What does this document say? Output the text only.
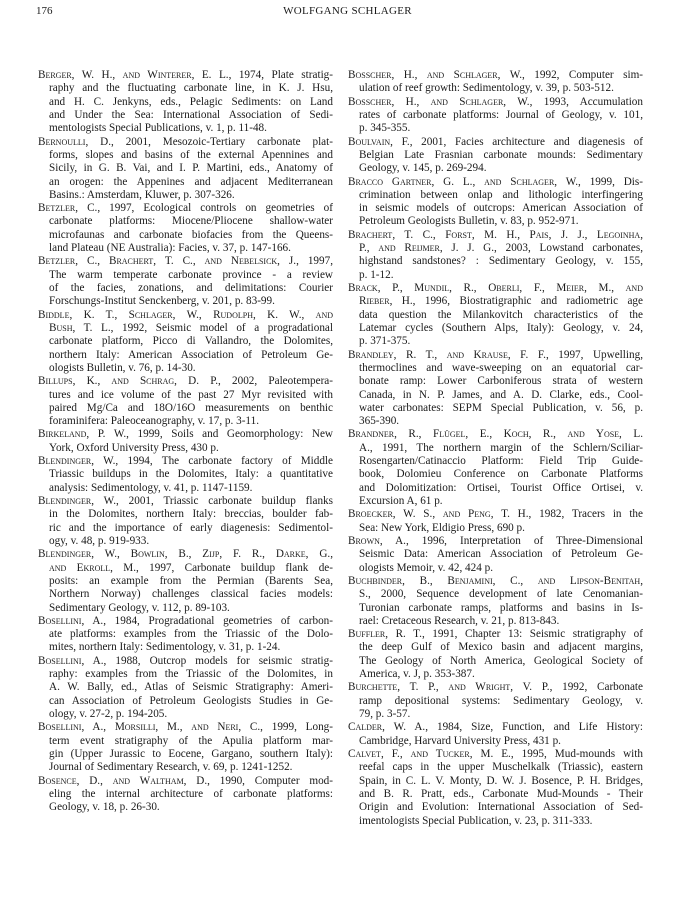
176	WOLFGANG SCHLAGER
Berger, W. H., and Winterer, E. L., 1974, Plate stratig-
raphy and the fluctuating carbonate line, in K. J. Hsu,
and H. C. Jenkyns, eds., Pelagic Sediments: on Land
and Under the Sea: International Association of Sedi-
mentologists Special Publications, v. 1, p. 11-48.
Bernoulli, D., 2001, Mesozoic-Tertiary carbonate plat-
forms, slopes and basins of the external Apennines and
Sicily, in G. B. Vai, and I. P. Martini, eds., Anatomy of
an orogen: the Appenines and adjacent Mediterranean
Basins.: Amsterdam, Kluwer, p. 307-326.
Betzler, C., 1997, Ecological controls on geometries of
carbonate platforms: Miocene/Pliocene shallow-water
microfaunas and carbonate biofacies from the Queens-
land Plateau (NE Australia): Facies, v. 37, p. 147-166.
Betzler, C., Brachert, T. C., and Nebelsick, J., 1997,
The warm temperate carbonate province - a review
of the facies, zonations, and delimitations: Courier
Forschungs-Institut Senckenberg, v. 201, p. 83-99.
Biddle, K. T., Schlager, W., Rudolph, K. W., and
Bush, T. L., 1992, Seismic model of a progradational
carbonate platform, Picco di Vallandro, the Dolomites,
northern Italy: American Association of Petroleum Ge-
ologists Bulletin, v. 76, p. 14-30.
Billups, K., and Schrag, D. P., 2002, Paleotempera-
tures and ice volume of the past 27 Myr revisited with
paired Mg/Ca and 18O/16O measurements on benthic
foraminifera: Paleoceanography, v. 17, p. 3-11.
Birkeland, P. W., 1999, Soils and Geomorphology: New
York, Oxford University Press, 430 p.
Blendinger, W., 1994, The carbonate factory of Middle
Triassic buildups in the Dolomites, Italy: a quantitative
analysis: Sedimentology, v. 41, p. 1147-1159.
Blendinger, W., 2001, Triassic carbonate buildup flanks
in the Dolomites, northern Italy: breccias, boulder fab-
ric and the importance of early diagenesis: Sedimentol-
ogy, v. 48, p. 919-933.
Blendinger, W., Bowlin, B., Zijp, F. R., Darke, G.,
and Ekroll, M., 1997, Carbonate buildup flank de-
posits: an example from the Permian (Barents Sea,
Northern Norway) challenges classical facies models:
Sedimentary Geology, v. 112, p. 89-103.
Bosellini, A., 1984, Progradational geometries of carbon-
ate platforms: examples from the Triassic of the Dolo-
mites, northern Italy: Sedimentology, v. 31, p. 1-24.
Bosellini, A., 1988, Outcrop models for seismic stratig-
raphy: examples from the Triassic of the Dolomites, in
A. W. Bally, ed., Atlas of Seismic Stratigraphy: Ameri-
can Association of Petroleum Geologists Studies in Ge-
ology, v. 27-2, p. 194-205.
Bosellini, A., Morsilli, M., and Neri, C., 1999, Long-
term event stratigraphy of the Apulia platform mar-
gin (Upper Jurassic to Eocene, Gargano, southern Italy):
Journal of Sedimentary Research, v. 69, p. 1241-1252.
Bosence, D., and Waltham, D., 1990, Computer mod-
eling the internal architecture of carbonate platforms:
Geology, v. 18, p. 26-30.
Bosscher, H., and Schlager, W., 1992, Computer sim-
ulation of reef growth: Sedimentology, v. 39, p. 503-512.
Bosscher, H., and Schlager, W., 1993, Accumulation
rates of carbonate platforms: Journal of Geology, v. 101,
p. 345-355.
Boulvain, F., 2001, Facies architecture and diagenesis of
Belgian Late Frasnian carbonate mounds: Sedimentary
Geology, v. 145, p. 269-294.
Bracco Gartner, G. L., and Schlager, W., 1999, Dis-
crimination between onlap and lithologic interfingering
in seismic models of outcrops: American Association of
Petroleum Geologists Bulletin, v. 83, p. 952-971.
Brachert, T. C., Forst, M. H., Pais, J. J., Legoinha,
P., and Reijmer, J. J. G., 2003, Lowstand carbonates,
highstand sandstones? : Sedimentary Geology, v. 155,
p. 1-12.
Brack, P., Mundil, R., Oberli, F., Meier, M., and
Rieber, H., 1996, Biostratigraphic and radiometric age
data question the Milankovitch characteristics of the
Latemar cycles (Southern Alps, Italy): Geology, v. 24,
p. 371-375.
Brandley, R. T., and Krause, F. F., 1997, Upwelling,
thermoclines and wave-sweeping on an equatorial car-
bonate ramp: Lower Carboniferous strata of western
Canada, in N. P. James, and A. D. Clarke, eds., Cool-
water carbonates: SEPM Special Publication, v. 56, p.
365-390.
Brandner, R., Flügel, E., Koch, R., and Yose, L.
A., 1991, The northern margin of the Schlern/Sciliar-
Rosengarten/Catinaccio Platform: Field Trip Guide-
book, Dolomieu Conference on Carbonate Platforms
and Dolomitization: Ortisei, Tourist Office Ortisei, v.
Excursion A, 61 p.
Broecker, W. S., and Peng, T. H., 1982, Tracers in the
Sea: New York, Eldigio Press, 690 p.
Brown, A., 1996, Interpretation of Three-Dimensional
Seismic Data: American Association of Petroleum Ge-
ologists Memoir, v. 42, 424 p.
Buchbinder, B., Benjamini, C., and Lipson-Benitah,
S., 2000, Sequence development of late Cenomanian-
Turonian carbonate ramps, platforms and basins in Is-
rael: Cretaceous Research, v. 21, p. 813-843.
Buffler, R. T., 1991, Chapter 13: Seismic stratigraphy of
the deep Gulf of Mexico basin and adjacent margins,
The Geology of North America, Geological Society of
America, v. J, p. 353-387.
Burchette, T. P., and Wright, V. P., 1992, Carbonate
ramp depositional systems: Sedimentary Geology, v.
79, p. 3-57.
Calder, W. A., 1984, Size, Function, and Life History:
Cambridge, Harvard University Press, 431 p.
Calvet, F., and Tucker, M. E., 1995, Mud-mounds with
reefal caps in the upper Muschelkalk (Triassic), eastern
Spain, in C. L. V. Monty, D. W. J. Bosence, P. H. Bridges,
and B. R. Pratt, eds., Carbonate Mud-Mounds - Their
Origin and Evolution: International Association of Sed-
imentologists Special Publication, v. 23, p. 311-333.
